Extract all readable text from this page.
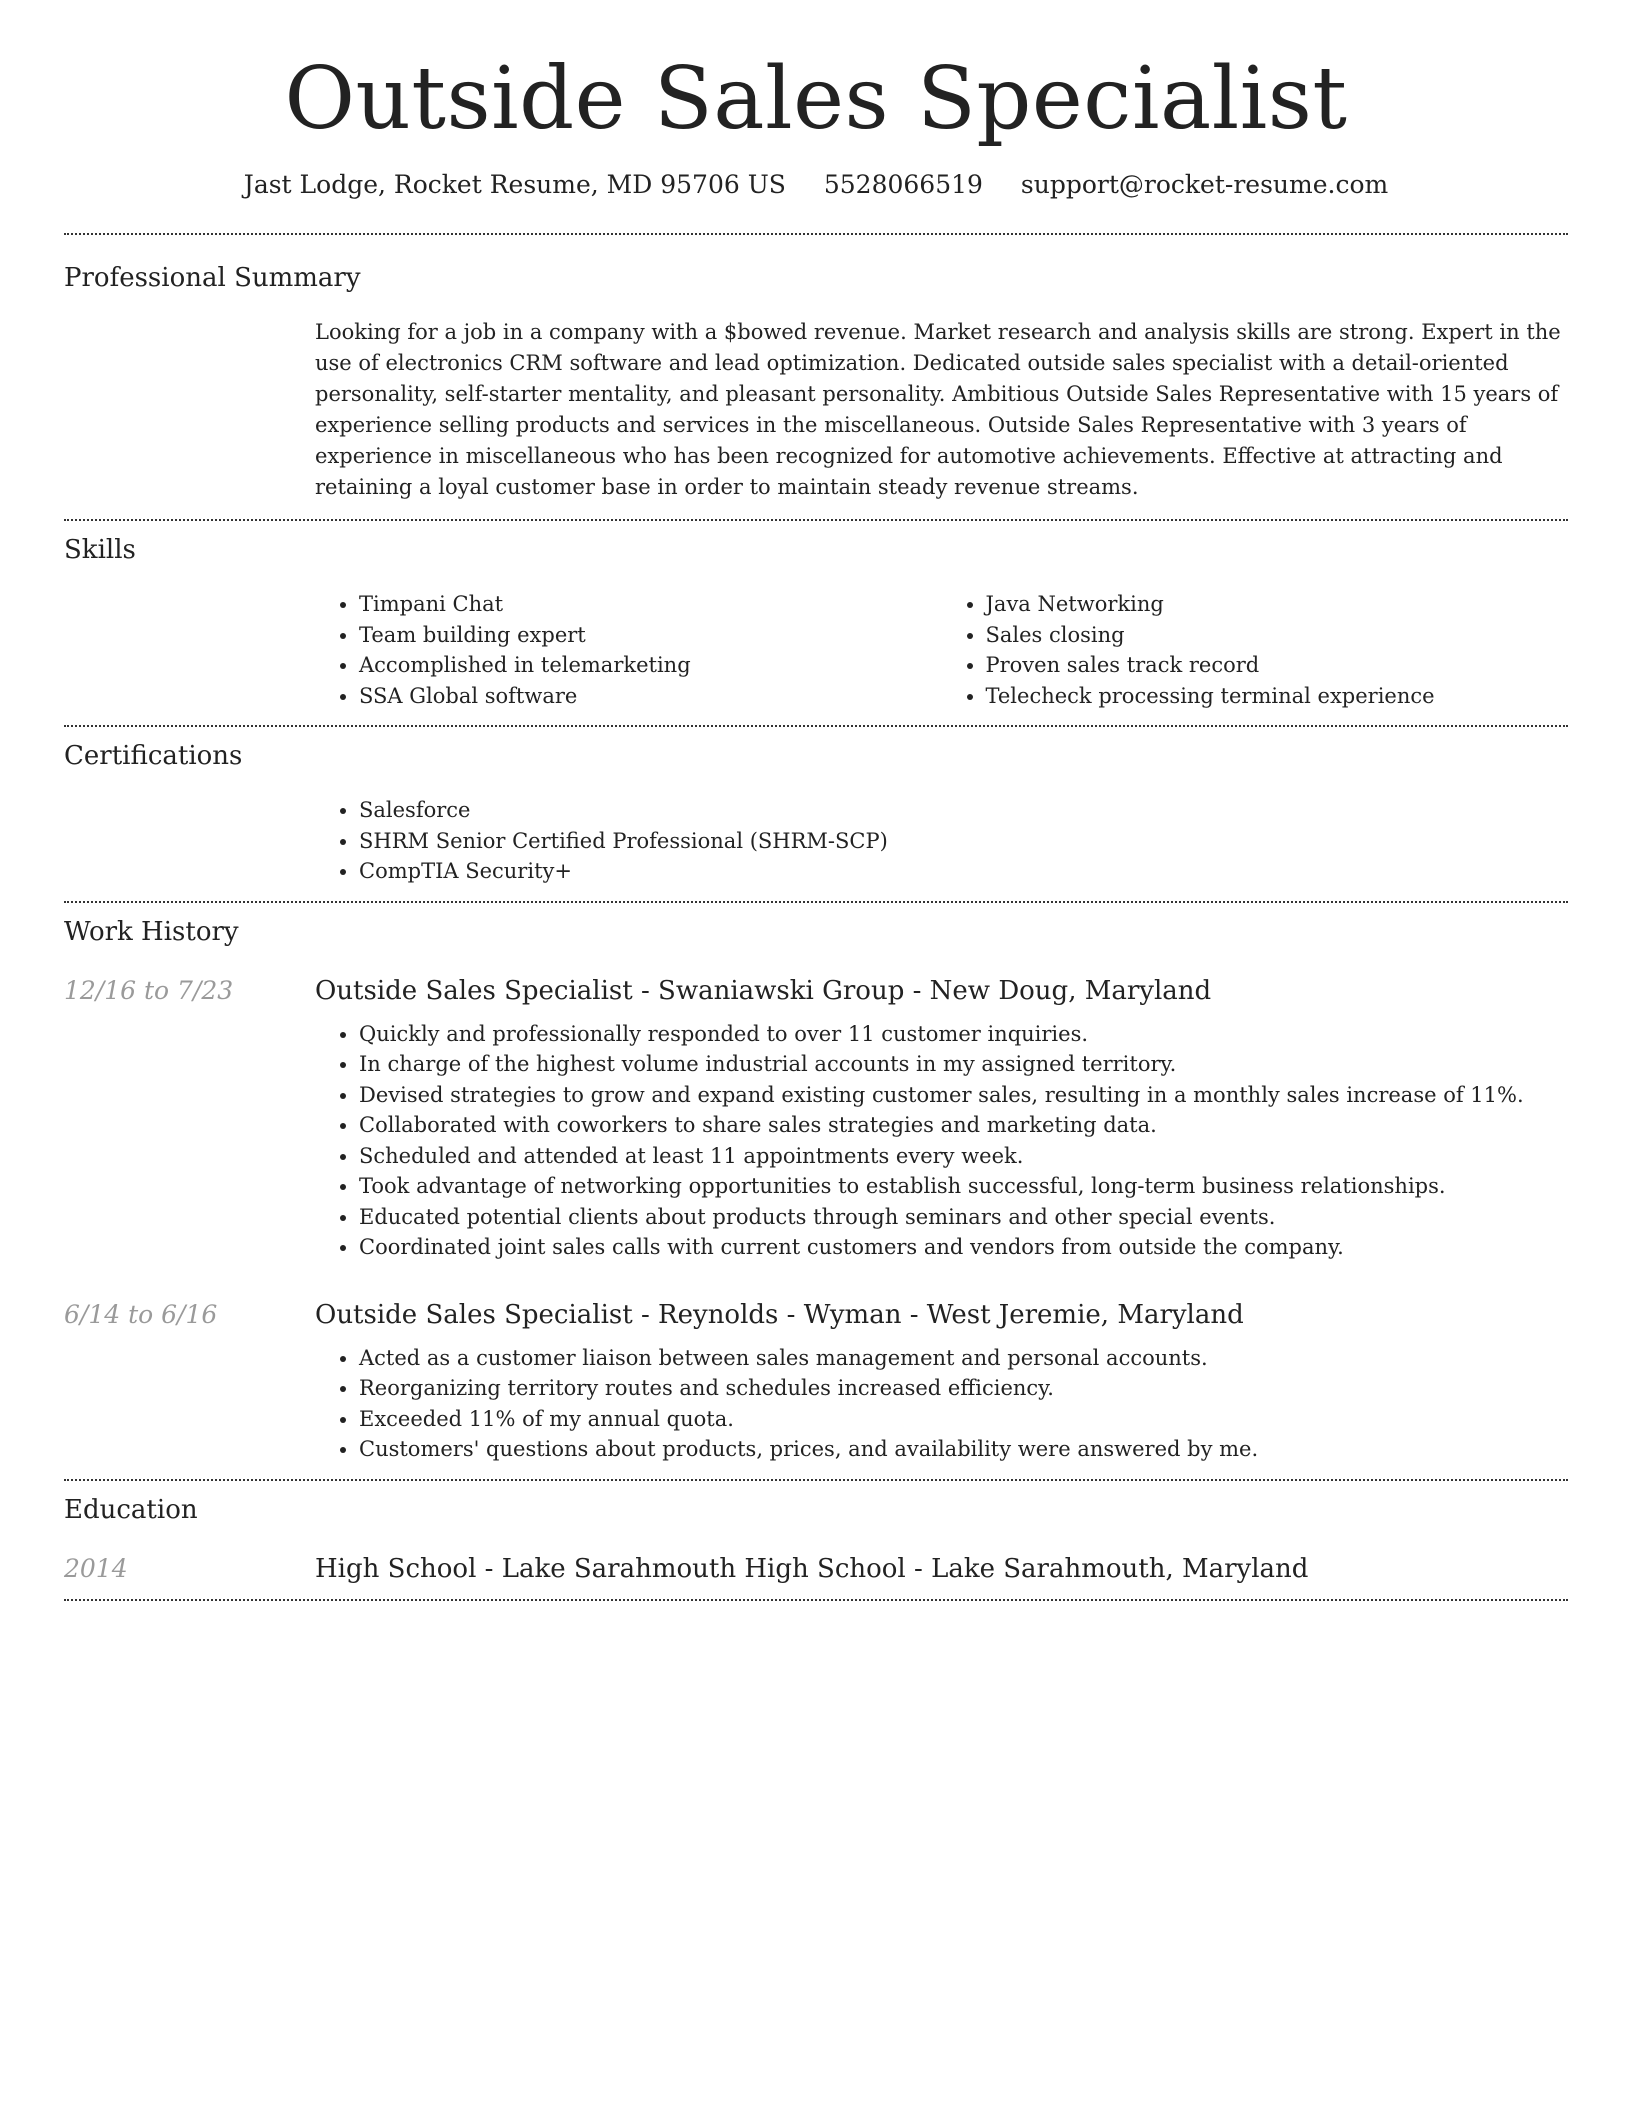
Outside Sales Specialist
Jast Lodge, Rocket Resume, MD 95706 US 5528066519 support@rocket-resume.com
Professional Summary

Looking for a job in a company with a $bowed revenue. Market research and analysis skills are strong. Expert in the use of electronics CRM software and lead optimization. Dedicated outside sales specialist with a detail-oriented personality, self-starter mentality, and pleasant personality. Ambitious Outside Sales Representative with 15 years of experience selling products and services in the miscellaneous. Outside Sales Representative with 3 years of experience in miscellaneous who has been recognized for automotive achievements. Effective at attracting and retaining a loyal customer base in order to maintain steady revenue streams.

Skills
• Timpani Chat
• Team building expert
• Accomplished in telemarketing
• SSA Global software
• Java Networking
• Sales closing
• Proven sales track record
• Telecheck processing terminal experience
Certifications
• Salesforce
• SHRM Senior Certified Professional (SHRM-SCP)
• CompTIA Security+
Work History
12/16 to 7/23	Outside Sales Specialist - Swaniawski Group - New Doug, Maryland
• Quickly and professionally responded to over 11 customer inquiries.
• In charge of the highest volume industrial accounts in my assigned territory.
• Devised strategies to grow and expand existing customer sales, resulting in a monthly sales increase of 11%.
• Collaborated with coworkers to share sales strategies and marketing data.
• Scheduled and attended at least 11 appointments every week.
• Took advantage of networking opportunities to establish successful, long-term business relationships.
• Educated potential clients about products through seminars and other special events.
• Coordinated joint sales calls with current customers and vendors from outside the company.
6/14 to 6/16	Outside Sales Specialist - Reynolds - Wyman - West Jeremie, Maryland
• Acted as a customer liaison between sales management and personal accounts.
• Reorganizing territory routes and schedules increased efficiency.
• Exceeded 11% of my annual quota.
• Customers' questions about products, prices, and availability were answered by me.
Education
2014	High School - Lake Sarahmouth High School - Lake Sarahmouth, Maryland
